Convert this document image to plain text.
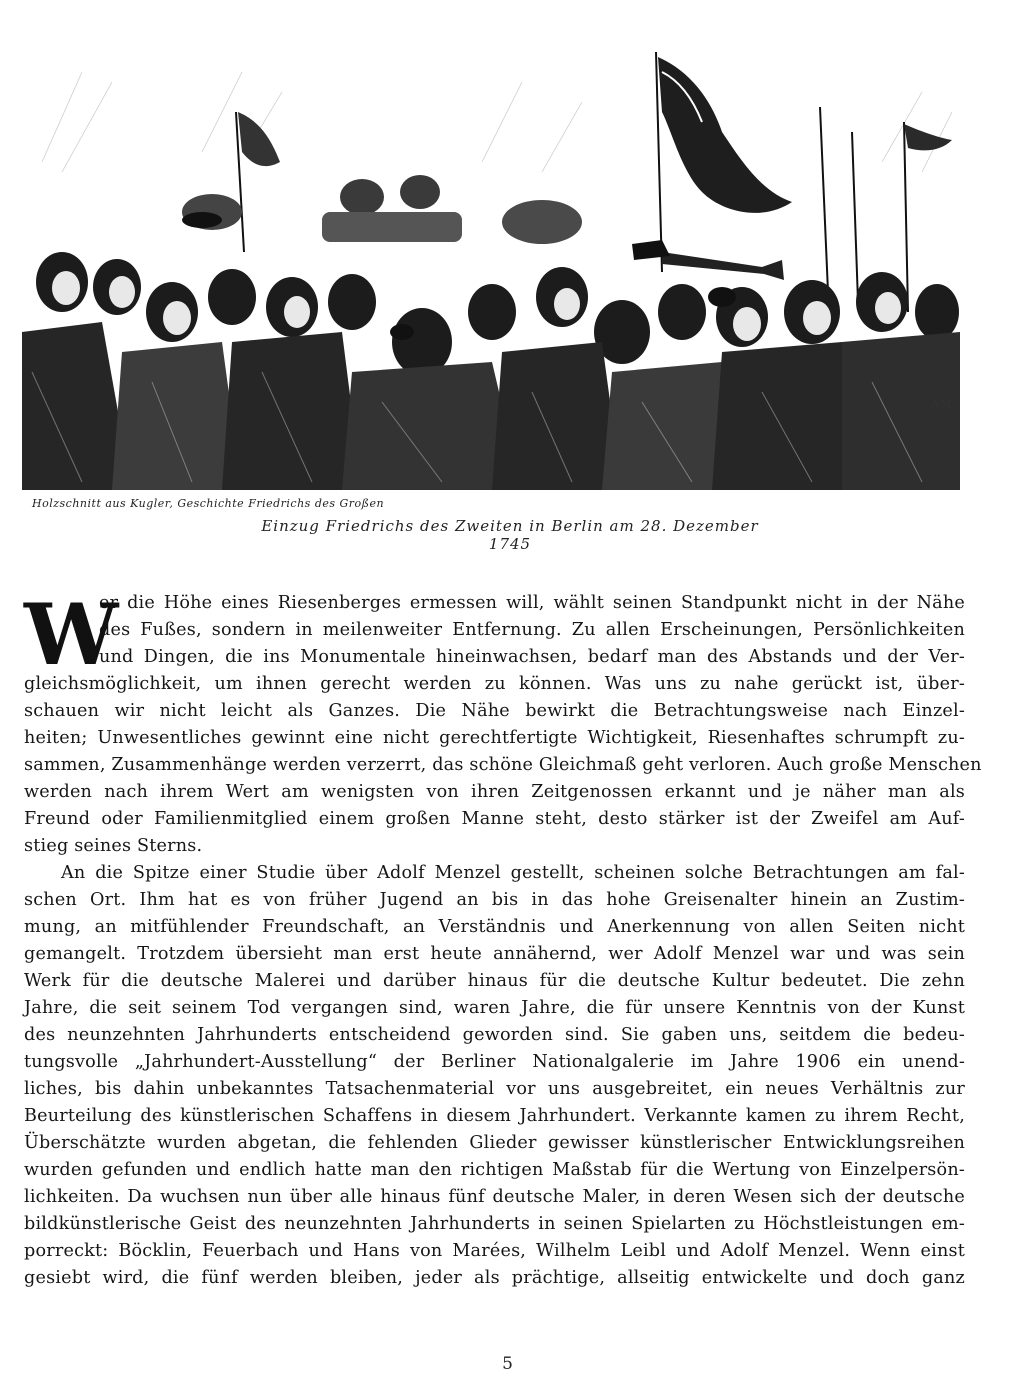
A.M.
Holzschnitt aus Kugler, Geschichte Friedrichs des Großen
Einzug Friedrichs des Zweiten in Berlin am 28. Dezember 1745
W
er die Höhe eines Riesenberges ermessen will, wählt seinen Standpunkt nicht in der Nähe
des Fußes, sondern in meilenweiter Entfernung. Zu allen Erscheinungen, Persönlichkeiten
und Dingen, die ins Monumentale hineinwachsen, bedarf man des Abstands und der Ver-
gleichsmöglichkeit, um ihnen gerecht werden zu können. Was uns zu nahe gerückt ist, über-
schauen wir nicht leicht als Ganzes. Die Nähe bewirkt die Betrachtungsweise nach Einzel-
heiten; Unwesentliches gewinnt eine nicht gerechtfertigte Wichtigkeit, Riesenhaftes schrumpft zu-
sammen, Zusammenhänge werden verzerrt, das schöne Gleichmaß geht verloren. Auch große Menschen
werden nach ihrem Wert am wenigsten von ihren Zeitgenossen erkannt und je näher man als
Freund oder Familienmitglied einem großen Manne steht, desto stärker ist der Zweifel am Auf-
stieg seines Sterns.
An die Spitze einer Studie über Adolf Menzel gestellt, scheinen solche Betrachtungen am fal-
schen Ort. Ihm hat es von früher Jugend an bis in das hohe Greisenalter hinein an Zustim-
mung, an mitfühlender Freundschaft, an Verständnis und Anerkennung von allen Seiten nicht
gemangelt. Trotzdem übersieht man erst heute annähernd, wer Adolf Menzel war und was sein
Werk für die deutsche Malerei und darüber hinaus für die deutsche Kultur bedeutet. Die zehn
Jahre, die seit seinem Tod vergangen sind, waren Jahre, die für unsere Kenntnis von der Kunst
des neunzehnten Jahrhunderts entscheidend geworden sind. Sie gaben uns, seitdem die bedeu-
tungsvolle „Jahrhundert-Ausstellung“ der Berliner Nationalgalerie im Jahre 1906 ein unend-
liches, bis dahin unbekanntes Tatsachenmaterial vor uns ausgebreitet, ein neues Verhältnis zur
Beurteilung des künstlerischen Schaffens in diesem Jahrhundert. Verkannte kamen zu ihrem Recht,
Überschätzte wurden abgetan, die fehlenden Glieder gewisser künstlerischer Entwicklungsreihen
wurden gefunden und endlich hatte man den richtigen Maßstab für die Wertung von Einzelpersön-
lichkeiten. Da wuchsen nun über alle hinaus fünf deutsche Maler, in deren Wesen sich der deutsche
bildkünstlerische Geist des neunzehnten Jahrhunderts in seinen Spielarten zu Höchstleistungen em-
porreckt: Böcklin, Feuerbach und Hans von Marées, Wilhelm Leibl und Adolf Menzel. Wenn einst
gesiebt wird, die fünf werden bleiben, jeder als prächtige, allseitig entwickelte und doch ganz
5
